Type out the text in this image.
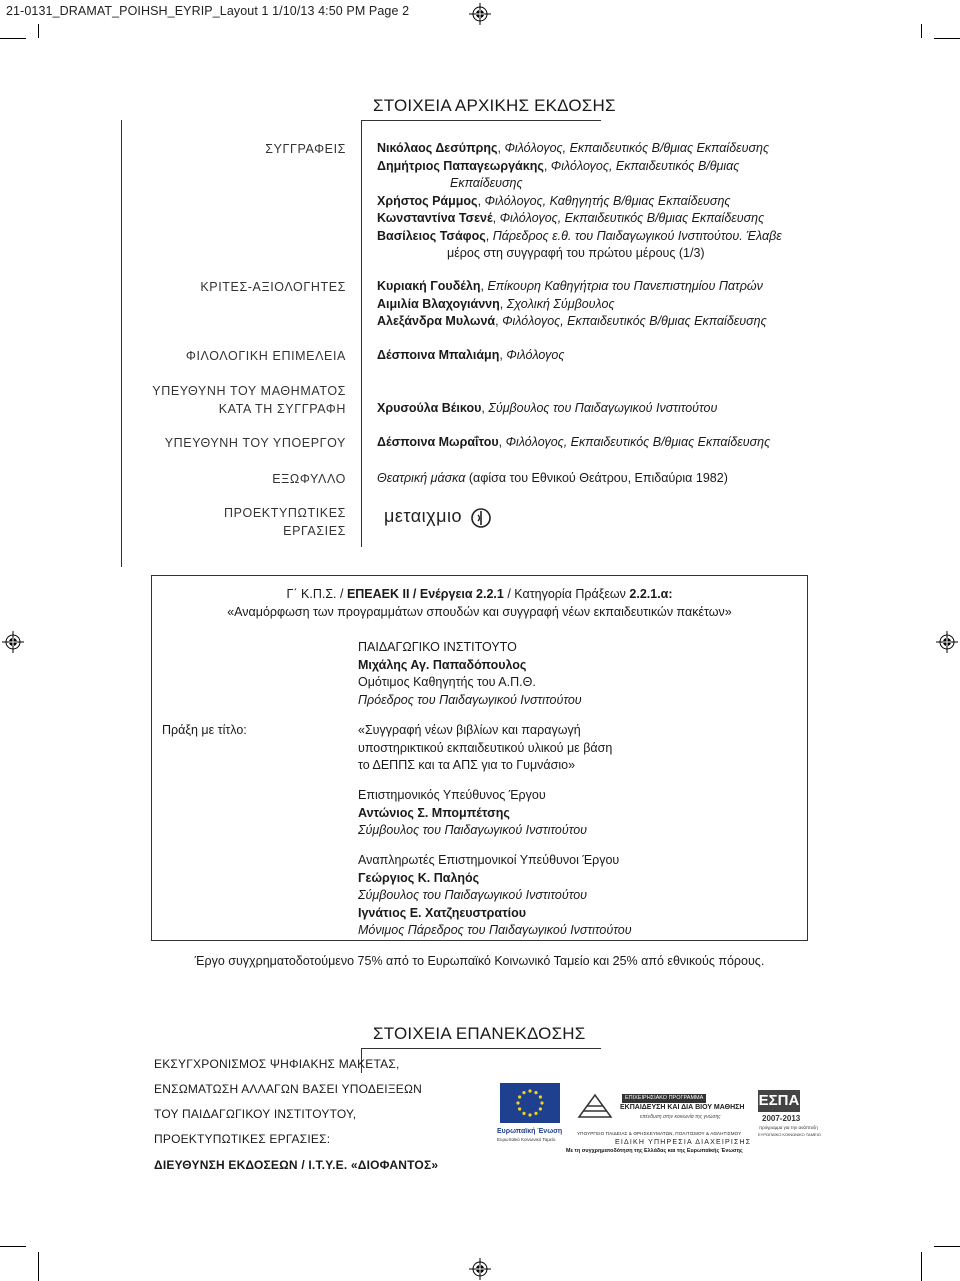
21-0131_DRAMAT_POIHSH_EYRIP_Layout 1 1/10/13 4:50 PM Page 2
ΣΤΟΙΧΕΙΑ ΑΡΧΙΚΗΣ ΕΚΔΟΣΗΣ
ΣΥΓΓΡΑΦΕΙΣ Νικόλαος Δεσύπρης, Φιλόλογος, Εκπαιδευτικός Β/θμιας Εκπαίδευσης
Δημήτριος Παπαγεωργάκης, Φιλόλογος, Εκπαιδευτικός Β/θμιας
Εκπαίδευσης
Χρήστος Ράμμος, Φιλόλογος, Καθηγητής Β/θμιας Εκπαίδευσης
Κωνσταντίνα Τσενέ, Φιλόλογος, Εκπαιδευτικός Β/θμιας Εκπαίδευσης
Βασίλειος Τσάφος, Πάρεδρος ε.θ. του Παιδαγωγικού Ινστιτούτου. Έλαβε
μέρος στη συγγραφή του πρώτου μέρους (1/3)
ΚΡΙΤΕΣ-ΑΞΙΟΛΟΓΗΤΕΣ Κυριακή Γουδέλη, Επίκουρη Καθηγήτρια του Πανεπιστημίου Πατρών
Αιμιλία Βλαχογιάννη, Σχολική Σύμβουλος
Αλεξάνδρα Μυλωνά, Φιλόλογος, Εκπαιδευτικός Β/θμιας Εκπαίδευσης
ΦΙΛΟΛΟΓΙΚΗ ΕΠΙΜΕΛΕΙΑ Δέσποινα Μπαλιάμη, Φιλόλογος
ΥΠΕΥΘΥΝΗ ΤΟΥ ΜΑΘΗΜΑΤΟΣ
ΚΑΤΑ ΤΗ ΣΥΓΓΡΑΦΗ Χρυσούλα Βέικου, Σύμβουλος του Παιδαγωγικού Ινστιτούτου
ΥΠΕΥΘΥΝΗ ΤΟΥ ΥΠΟΕΡΓΟΥ Δέσποινα Μωραΐτου, Φιλόλογος, Εκπαιδευτικός Β/θμιας Εκπαίδευσης
ΕΞΩΦΥΛΛΟ Θεατρική μάσκα (αφίσα του Εθνικού Θεάτρου, Επιδαύρια 1982)
ΠΡΟΕΚΤΥΠΩΤΙΚΕΣ
ΕΡΓΑΣΙΕΣ
μεταιχμιο
Γ΄ Κ.Π.Σ. / ΕΠΕΑΕΚ ΙΙ / Ενέργεια 2.2.1 / Κατηγορία Πράξεων 2.2.1.α:
«Αναμόρφωση των προγραμμάτων σπουδών και συγγραφή νέων εκπαιδευτικών πακέτων»
ΠΑΙΔΑΓΩΓΙΚΟ ΙΝΣΤΙΤΟΥΤΟ
Μιχάλης Αγ. Παπαδόπουλος
Ομότιμος Καθηγητής του Α.Π.Θ.
Πρόεδρος του Παιδαγωγικού Ινστιτούτου
Πράξη με τίτλο:	«Συγγραφή νέων βιβλίων και παραγωγή
υποστηρικτικού εκπαιδευτικού υλικού με βάση
το ΔΕΠΠΣ και τα ΑΠΣ για το Γυμνάσιο»
Επιστημονικός Υπεύθυνος Έργου
Αντώνιος Σ. Μπομπέτσης
Σύμβουλος του Παιδαγωγικού Ινστιτούτου
Αναπληρωτές Επιστημονικοί Υπεύθυνοι Έργου
Γεώργιος Κ. Παληός
Σύμβουλος του Παιδαγωγικού Ινστιτούτου
Ιγνάτιος Ε. Χατζηευστρατίου
Μόνιμος Πάρεδρος του Παιδαγωγικού Ινστιτούτου
Έργο συγχρηματοδοτούμενο 75% από το Ευρωπαϊκό Κοινωνικό Ταμείο και 25% από εθνικούς πόρους.
ΣΤΟΙΧΕΙΑ ΕΠΑΝΕΚΔΟΣΗΣ
ΕΚΣΥΓΧΡΟΝΙΣΜΟΣ ΨΗΦΙΑΚΗΣ ΜΑΚΕΤΑΣ,
ΕΝΣΩΜΑΤΩΣΗ ΑΛΛΑΓΩΝ ΒΑΣΕΙ ΥΠΟΔΕΙΞΕΩΝ
ΤΟΥ ΠΑΙΔΑΓΩΓΙΚΟΥ ΙΝΣΤΙΤΟΥΤΟΥ,
ΠΡΟΕΚΤΥΠΩΤΙΚΕΣ ΕΡΓΑΣΙΕΣ:
ΔΙΕΥΘΥΝΣΗ ΕΚΔΟΣΕΩΝ / Ι.Τ.Υ.Ε. «ΔΙΟΦΑΝΤΟΣ»
Ευρωπαϊκή Ένωση
Ευρωπαϊκό Κοινωνικό Ταμείο
ΕΠΙΧΕΙΡΗΣΙΑΚΟ ΠΡΟΓΡΑΜΜΑ
ΕΚΠΑΙΔΕΥΣΗ ΚΑΙ ΔΙΑ ΒΙΟΥ ΜΑΘΗΣΗ
επένδυση στην κοινωνία της γνώσης
ΥΠΟΥΡΓΕΙΟ ΠΑΙΔΕΙΑΣ & ΘΡΗΣΚΕΥΜΑΤΩΝ, ΠΟΛΙΤΙΣΜΟΥ & ΑΘΛΗΤΙΣΜΟΥ
ΕΙΔΙΚΗ ΥΠΗΡΕΣΙΑ ΔΙΑΧΕΙΡΙΣΗΣ
ΕΣΠΑ
2007-2013
πρόγραμμα για την ανάπτυξη
ΕΥΡΩΠΑΪΚΟ ΚΟΙΝΩΝΙΚΟ ΤΑΜΕΙΟ
Με τη συγχρηματοδότηση της Ελλάδας και της Ευρωπαϊκής Ένωσης
